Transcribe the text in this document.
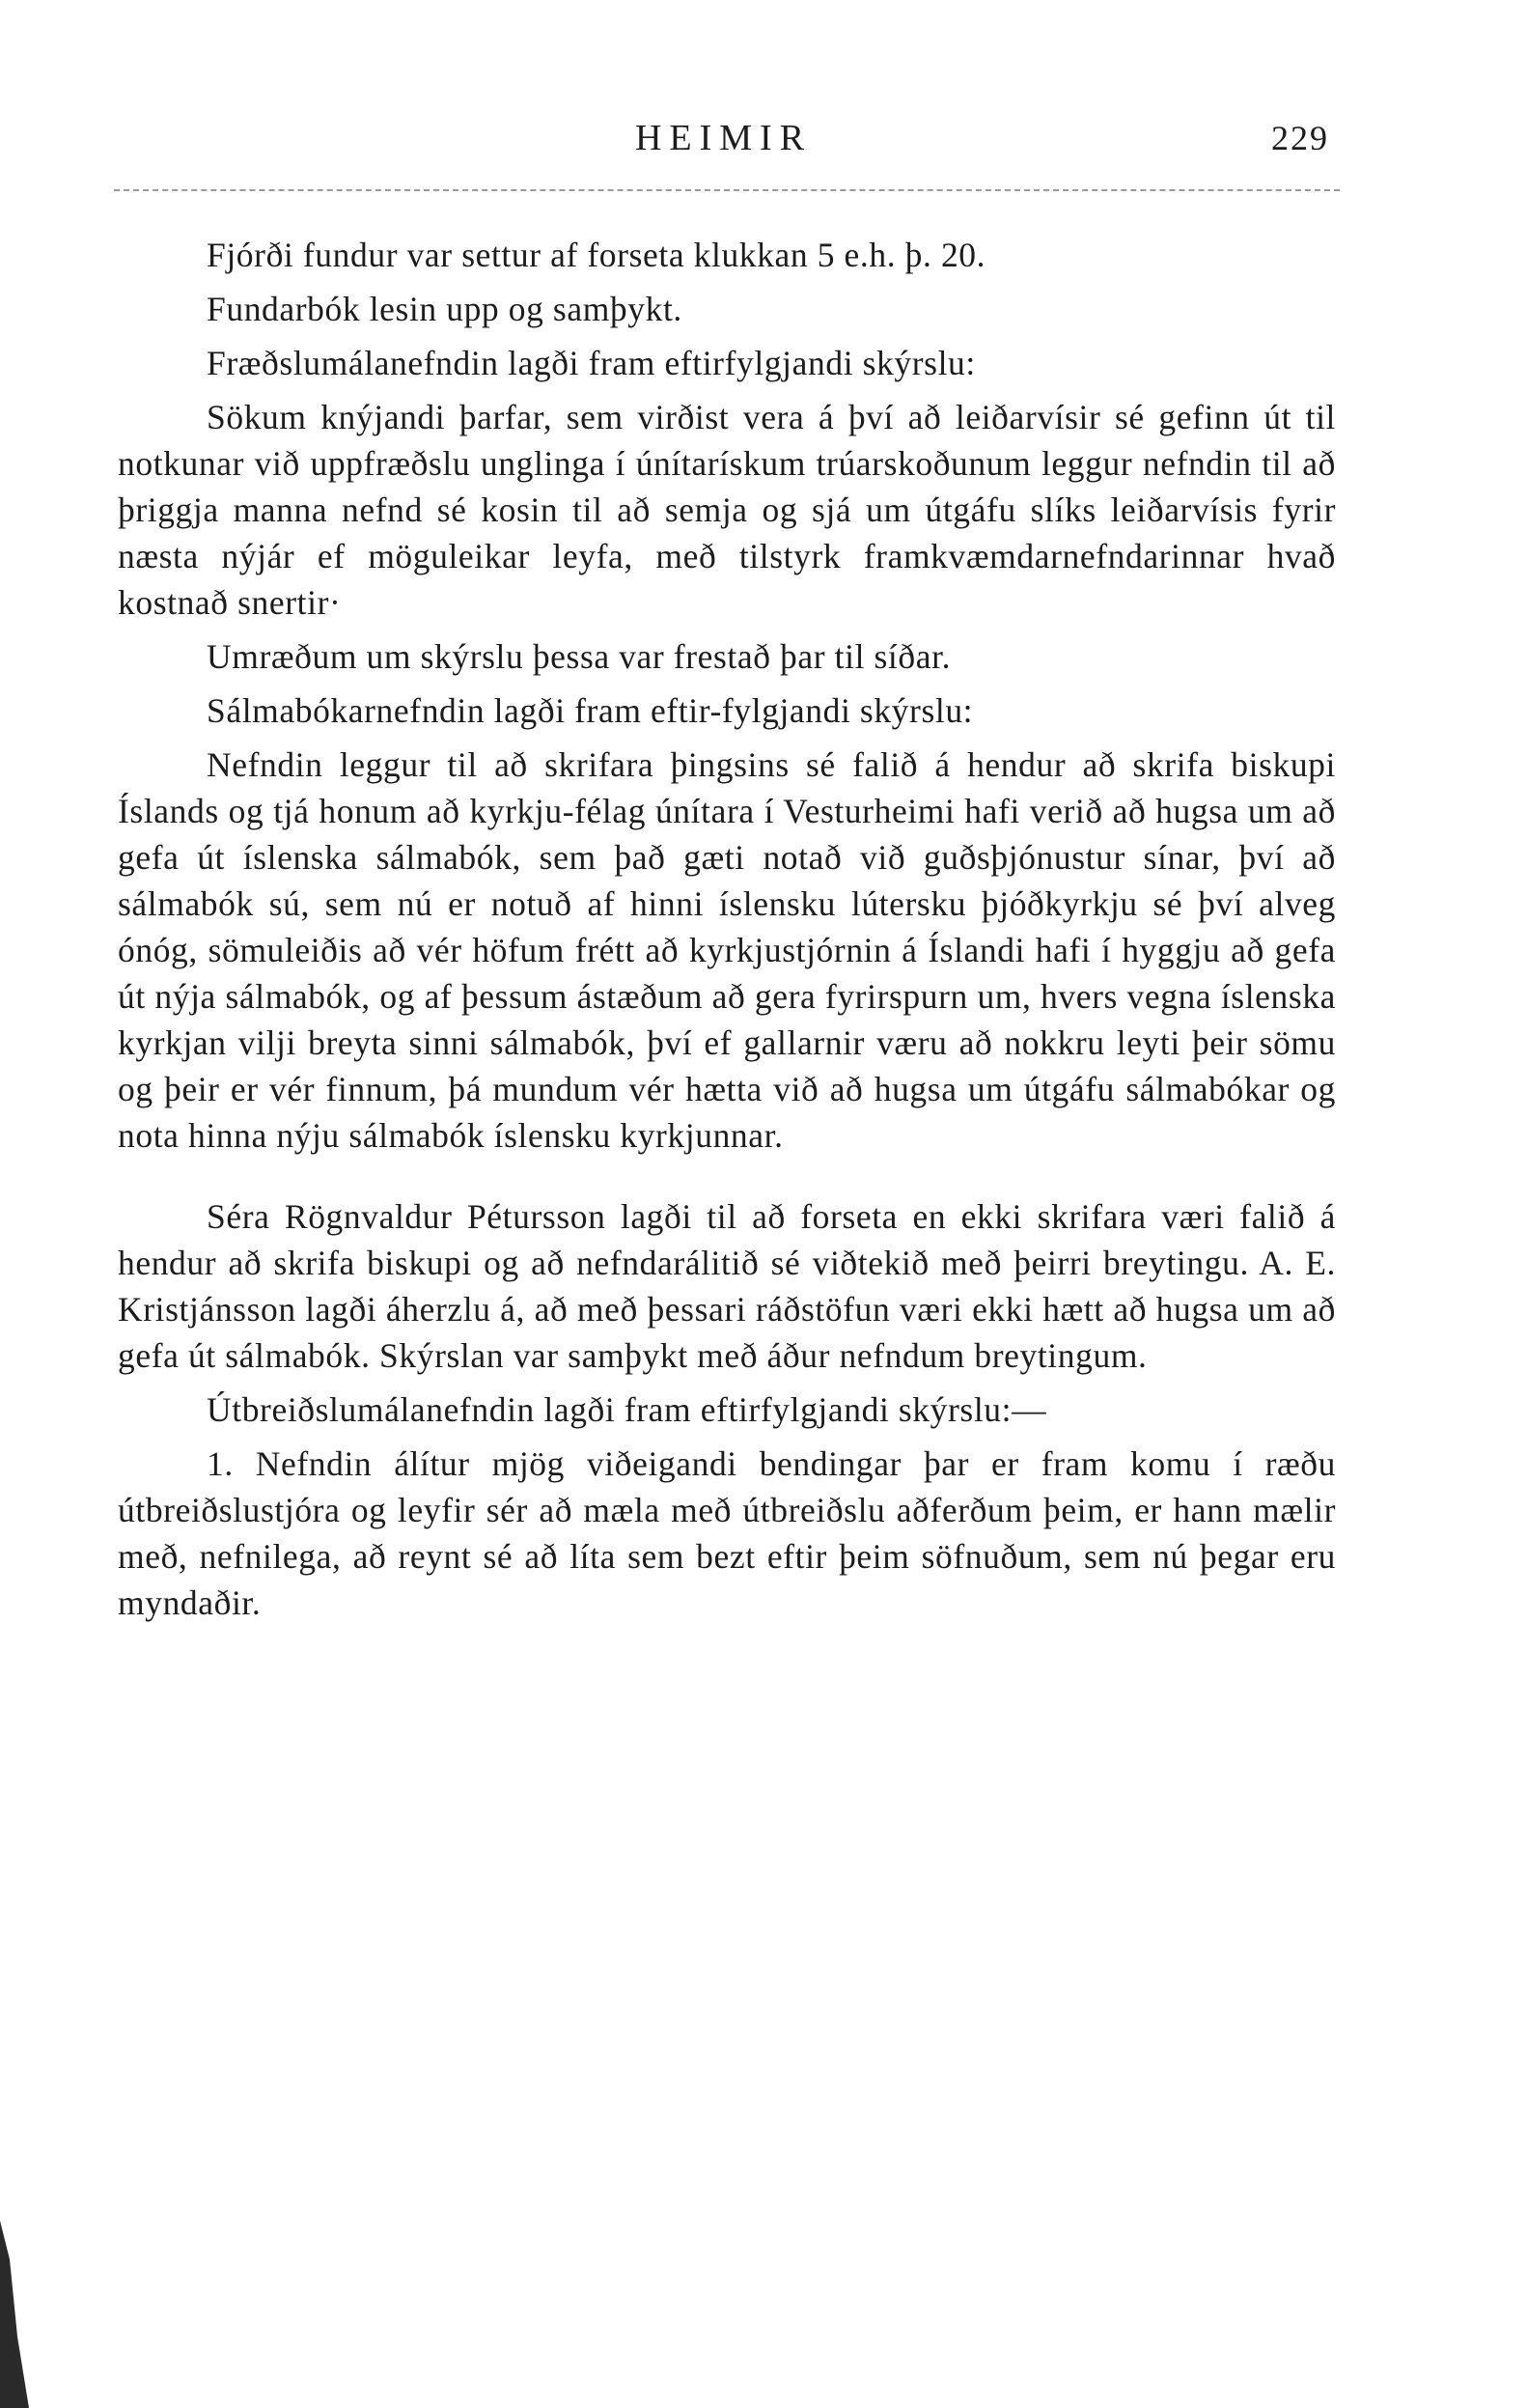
HEIMIR	229

Fjórði fundur var settur af forseta klukkan 5 e.h. þ. 20.

Fundarbók lesin upp og samþykt.

Fræðslumálanefndin lagði fram eftirfylgjandi skýrslu:

Sökum knýjandi þarfar, sem virðist vera á því að leiðarvísir sé gefinn út til notkunar við uppfræðslu unglinga í únítarískum trúarskoðunum leggur nefndin til að þriggja manna nefnd sé kosin til að semja og sjá um útgáfu slíks leiðarvísis fyrir næsta nýjár ef möguleikar leyfa, með tilstyrk framkvæmdarnefndarinnar hvað kostnað snertir·

Umræðum um skýrslu þessa var frestað þar til síðar.

Sálmabókarnefndin lagði fram eftir-fylgjandi skýrslu:

Nefndin leggur til að skrifara þingsins sé falið á hendur að skrifa biskupi Íslands og tjá honum að kyrkju-félag únítara í Vesturheimi hafi verið að hugsa um að gefa út íslenska sálmabók, sem það gæti notað við guðsþjónustur sínar, því að sálmabók sú, sem nú er notuð af hinni íslensku lútersku þjóðkyrkju sé því alveg ónóg, sömuleiðis að vér höfum frétt að kyrkjustjórnin á Íslandi hafi í hyggju að gefa út nýja sálmabók, og af þessum ástæðum að gera fyrirspurn um, hvers vegna íslenska kyrkjan vilji breyta sinni sálmabók, því ef gallarnir væru að nokkru leyti þeir sömu og þeir er vér finnum, þá mundum vér hætta við að hugsa um útgáfu sálmabókar og nota hinna nýju sálmabók íslensku kyrkjunnar.

Séra Rögnvaldur Pétursson lagði til að forseta en ekki skrifara væri falið á hendur að skrifa biskupi og að nefndarálitið sé viðtekið með þeirri breytingu. A. E. Kristjánsson lagði áherzlu á, að með þessari ráðstöfun væri ekki hætt að hugsa um að gefa út sálmabók. Skýrslan var samþykt með áður nefndum breytingum.

Útbreiðslumálanefndin lagði fram eftirfylgjandi skýrslu:—

1. Nefndin álítur mjög viðeigandi bendingar þar er fram komu í ræðu útbreiðslustjóra og leyfir sér að mæla með útbreiðslu aðferðum þeim, er hann mælir með, nefnilega, að reynt sé að líta sem bezt eftir þeim söfnuðum, sem nú þegar eru myndaðir.
